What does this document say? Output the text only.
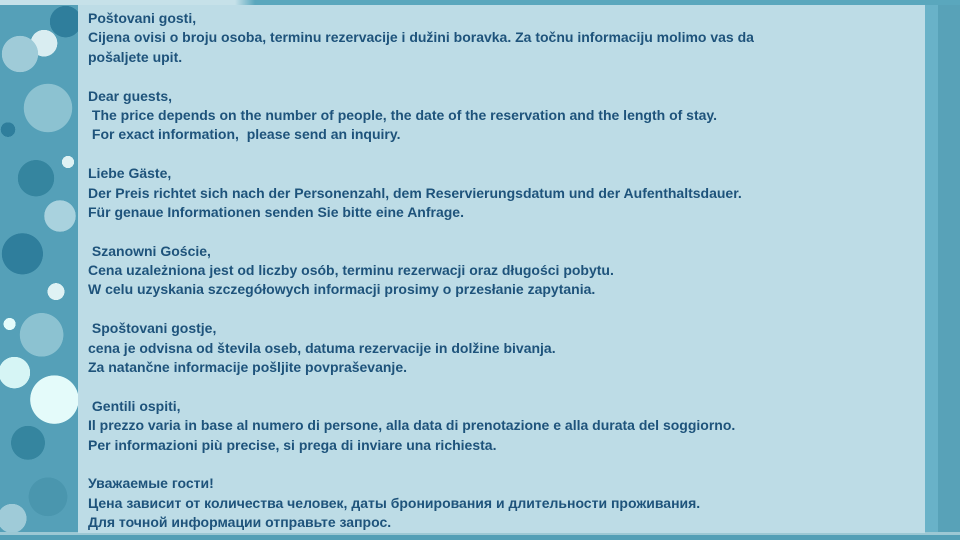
Poštovani gosti,
Cijena ovisi o broju osoba, terminu rezervacije i dužini boravka. Za točnu informaciju molimo vas da
pošaljete upit.
Dear guests,
The price depends on the number of people, the date of the reservation and the length of stay.
For exact information,  please send an inquiry.
Liebe Gäste,
Der Preis richtet sich nach der Personenzahl, dem Reservierungsdatum und der Aufenthaltsdauer.
Für genaue Informationen senden Sie bitte eine Anfrage.
Szanowni Goście,
Cena uzależniona jest od liczby osób, terminu rezerwacji oraz długości pobytu.
W celu uzyskania szczegółowych informacji prosimy o przesłanie zapytania.
Spoštovani gostje,
cena je odvisna od števila oseb, datuma rezervacije in dolžine bivanja.
Za natančne informacije pošljite povpraševanje.
Gentili ospiti,
Il prezzo varia in base al numero di persone, alla data di prenotazione e alla durata del soggiorno.
Per informazioni più precise, si prega di inviare una richiesta.
Уважаемые гости!
Цена зависит от количества человек, даты бронирования и длительности проживания.
Для точной информации отправьте запрос.
